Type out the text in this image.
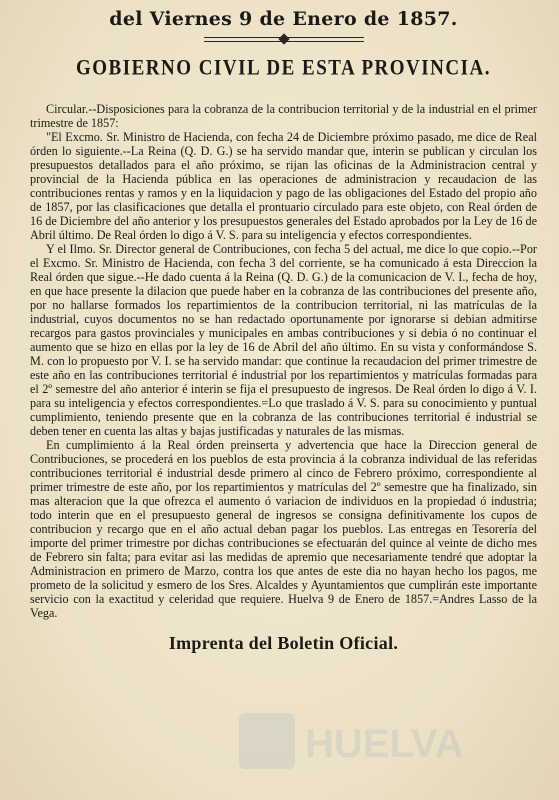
del Viernes 9 de Enero de 1857.
GOBIERNO CIVIL DE ESTA PROVINCIA.

Circular.--Disposiciones para la cobranza de la contribucion territorial y de la industrial en el primer trimestre de 1857:

"El Excmo. Sr. Ministro de Hacienda, con fecha 24 de Diciembre próximo pasado, me dice de Real órden lo siguiente.--La Reina (Q. D. G.) se ha servido mandar que, interin se publican y circulan los presupuestos detallados para el año próximo, se rijan las oficinas de la Administracion central y provincial de la Hacienda pública en las operaciones de administracion y recaudacion de las contribuciones rentas y ramos y en la liquidacion y pago de las obligaciones del Estado del propio año de 1857, por las clasificaciones que detalla el prontuario circulado para este objeto, con Real órden de 16 de Diciembre del año anterior y los presupuestos generales del Estado aprobados por la Ley de 16 de Abril último. De Real órden lo digo á V. S. para su inteligencia y efectos correspondientes.

Y el Ilmo. Sr. Director general de Contribuciones, con fecha 5 del actual, me dice lo que copio.--Por el Excmo. Sr. Ministro de Hacienda, con fecha 3 del corriente, se ha comunicado á esta Direccion la Real órden que sigue.--He dado cuenta á la Reina (Q. D. G.) de la comunicacion de V. I., fecha de hoy, en que hace presente la dilacion que puede haber en la cobranza de las contribuciones del presente año, por no hallarse formados los repartimientos de la contribucion territorial, ni las matrículas de la industrial, cuyos documentos no se han redactado oportunamente por ignorarse si debian admitirse recargos para gastos provinciales y municipales en ambas contribuciones y si debia ó no continuar el aumento que se hizo en ellas por la ley de 16 de Abril del año último. En su vista y conformándose S. M. con lo propuesto por V. I. se ha servido mandar: que continue la recaudacion del primer trimestre de este año en las contribuciones territorial é industrial por los repartimientos y matrículas formadas para el 2º semestre del año anterior é interin se fija el presupuesto de ingresos. De Real órden lo digo á V. I. para su inteligencia y efectos correspondientes.=Lo que traslado á V. S. para su conocimiento y puntual cumplimiento, teniendo presente que en la cobranza de las contribuciones territorial é industrial se deben tener en cuenta las altas y bajas justificadas y naturales de las mismas.

En cumplimiento á la Real órden preinserta y advertencia que hace la Direccion general de Contribuciones, se procederá en los pueblos de esta provincia á la cobranza individual de las referidas contribuciones territorial é industrial desde primero al cinco de Febrero próximo, correspondiente al primer trimestre de este año, por los repartimientos y matrículas del 2º semestre que ha finalizado, sin mas alteracion que la que ofrezca el aumento ó variacion de individuos en la propiedad ó industria; todo interin que en el presupuesto general de ingresos se consigna definitivamente los cupos de contribucion y recargo que en el año actual deban pagar los pueblos. Las entregas en Tesorería del importe del primer trimestre por dichas contribuciones se efectuarán del quince al veinte de dicho mes de Febrero sin falta; para evitar asi las medidas de apremio que necesariamente tendré que adoptar la Administracion en primero de Marzo, contra los que antes de este dia no hayan hecho los pagos, me prometo de la solicitud y esmero de los Sres. Alcaldes y Ayuntamientos que cumplirán este importante servicio con la exactitud y celeridad que requiere. Huelva 9 de Enero de 1857.=Andres Lasso de la Vega.

Imprenta del Boletin Oficial.
HUELVA
